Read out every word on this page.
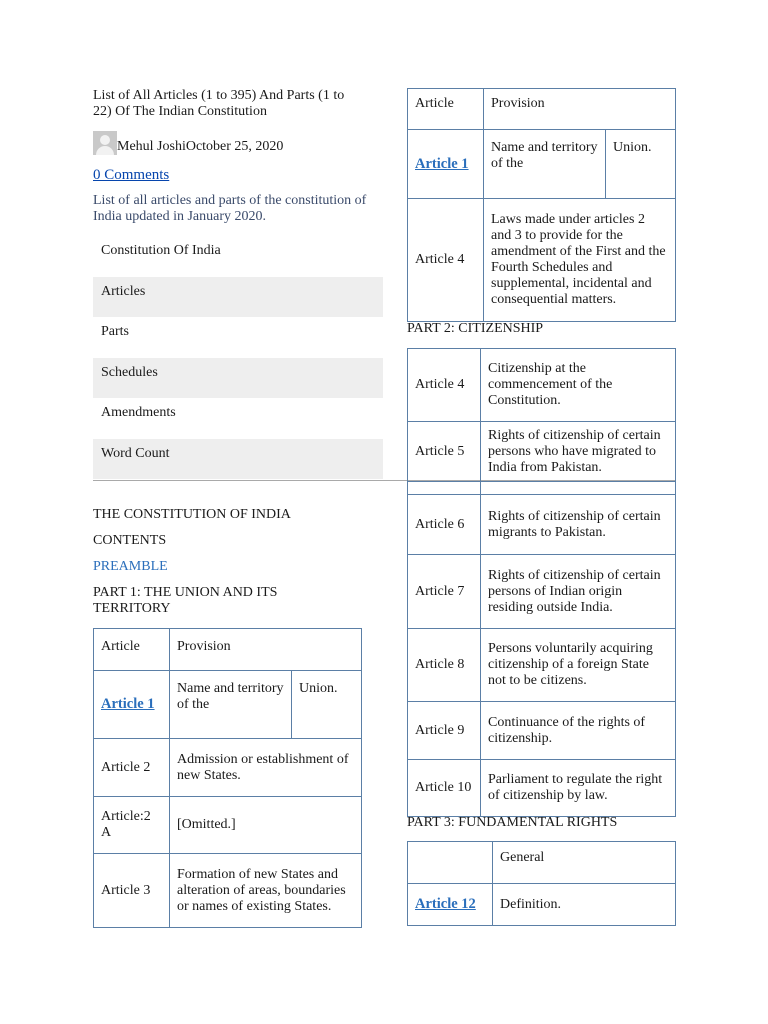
List of All Articles (1 to 395) And Parts (1 to 22) Of The Indian Constitution
Mehul Joshi October 25, 2020
0 Comments
List of all articles and parts of the constitution of India updated in January 2020.
Constitution Of India
Articles
Parts
Schedules
Amendments
Word Count
THE CONSTITUTION OF INDIA
CONTENTS
PREAMBLE
PART 1: THE UNION AND ITS TERRITORY
Article	Provision	
Article 1	Name and territory of the	Union.
Article 2	Admission or establishment of new States.	
Article:2 A	[Omitted.]	
Article 3	Formation of new States and alteration of areas, boundaries or names of existing States.	
Article	Provision	
Article 1	Name and territory of the	Union.
Article 4	Laws made under articles 2 and 3 to provide for the amendment of the First and the Fourth Schedules and supplemental, incidental and consequential matters.	
PART 2: CITIZENSHIP
Article 4	Citizenship at the commencement of the Constitution.
Article 5	Rights of citizenship of certain persons who have migrated to India from Pakistan.

Article 6	Rights of citizenship of certain migrants to Pakistan.
Article 7	Rights of citizenship of certain persons of Indian origin residing outside India.
Article 8	Persons voluntarily acquiring citizenship of a foreign State not to be citizens.
Article 9	Continuance of the rights of citizenship.
Article 10	Parliament to regulate the right of citizenship by law.
PART 3: FUNDAMENTAL RIGHTS
	General
Article 12	Definition.
